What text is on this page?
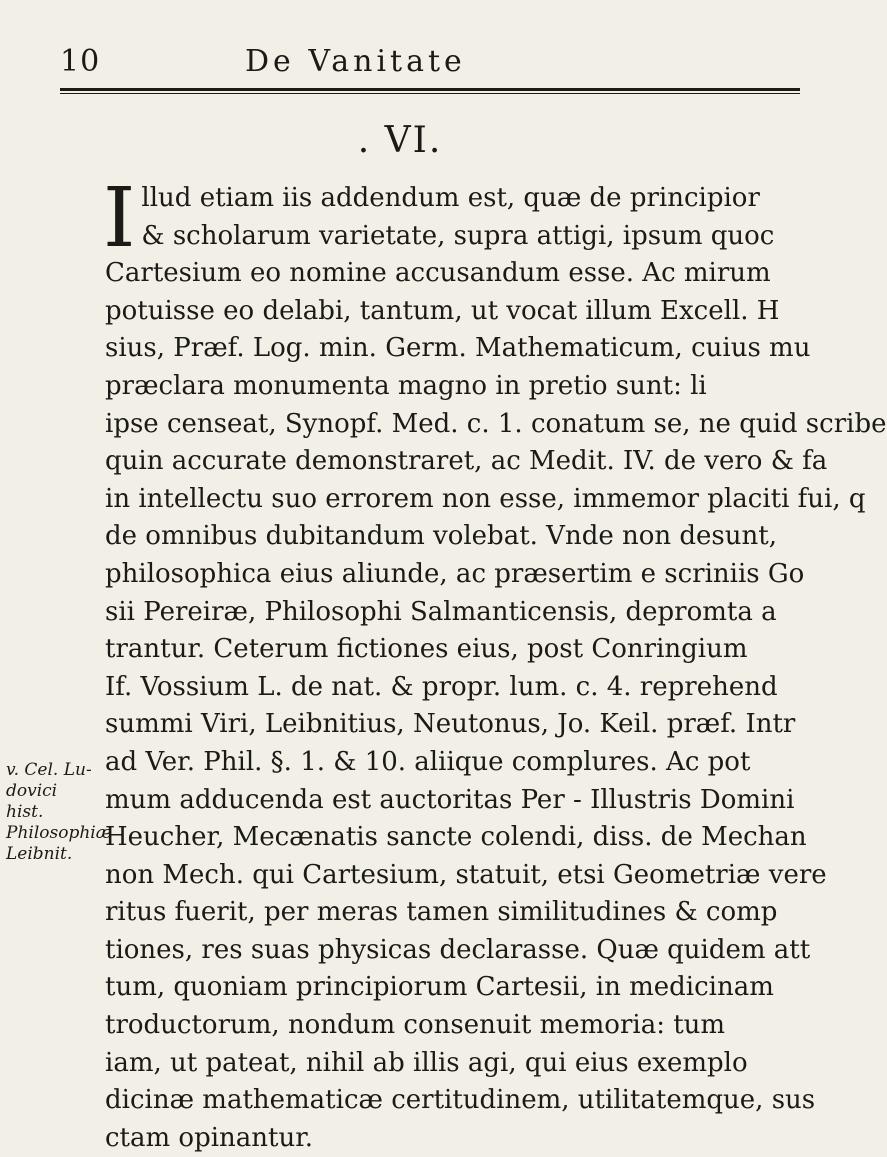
10	De Vanitate
. VI.
I llud etiam iis addendum est, quæ de principior
& scholarum varietate, supra attigi, ipsum quoc
Cartesium eo nomine accusandum esse. Ac mirum
potuisse eo delabi, tantum, ut vocat illum Excell. H
sius, Præf. Log. min. Germ. Mathematicum, cuius mu
præclara monumenta magno in pretio sunt: li
ipse censeat, Synopf. Med. c. 1. conatum se, ne quid scribe
quin accurate demonstraret, ac Medit. IV. de vero & fa
in intellectu suo errorem non esse, immemor placiti fui, q
de omnibus dubitandum volebat. Vnde non desunt,
philosophica eius aliunde, ac præsertim e scriniis Go
sii Pereiræ, Philosophi Salmanticensis, depromta a
trantur. Ceterum fictiones eius, post Conringium
If. Vossium L. de nat. & propr. lum. c. 4. reprehend
summi Viri, Leibnitius, Neutonus, Jo. Keil. præf. Intr
ad Ver. Phil. §. 1. & 10. aliique complures. Ac pot
mum adducenda est auctoritas Per - Illustris Domini
Heucher, Mecænatis sancte colendi, diss. de Mechan
non Mech. qui Cartesium, statuit, etsi Geometriæ vere
ritus fuerit, per meras tamen similitudines & comp
tiones, res suas physicas declarasse. Quæ quidem att
tum, quoniam principiorum Cartesii, in medicinam
troductorum, nondum consenuit memoria: tum
iam, ut pateat, nihil ab illis agi, qui eius exemplo
dicinæ mathematicæ certitudinem, utilitatemque, sus
ctam opinantur.
v. Cel. Lu-
dovici hist.
Philosophiæ
Leibnit.
